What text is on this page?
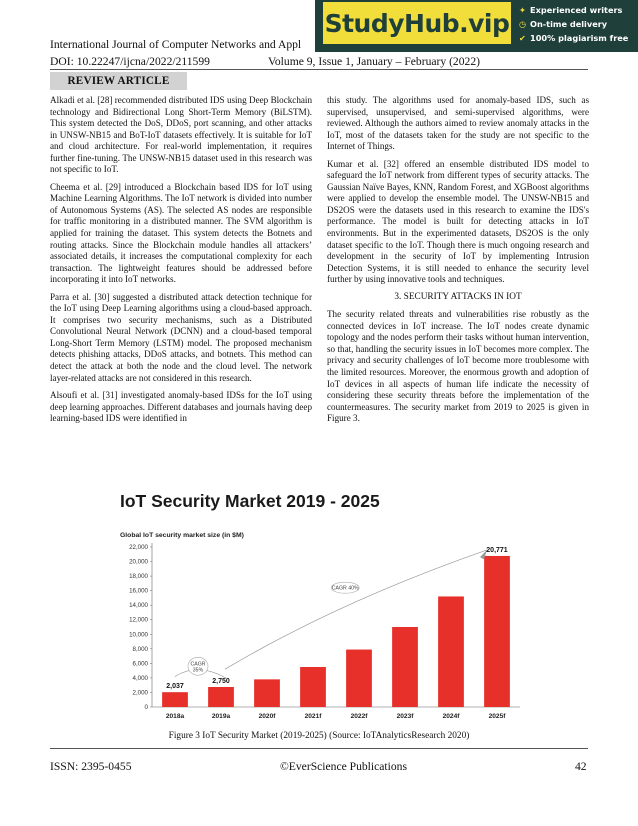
International Journal of Computer Networks and Appl
DOI: 10.22247/ijcna/2022/211599	Volume 9, Issue 1, January – February (2022)
REVIEW ARTICLE
StudyHub.vip ✦ Experienced writers
◷ On-time delivery
✔ 100% plagiarism free

Alkadi et al. [28] recommended distributed IDS using Deep Blockchain technology and Bidirectional Long Short-Term Memory (BiLSTM). This system detected the DoS, DDoS, port scanning, and other attacks in UNSW-NB15 and BoT-IoT datasets effectively. It is suitable for IoT and cloud architecture. For real-world implementation, it requires further fine-tuning. The UNSW-NB15 dataset used in this research was not specific to IoT.

Cheema et al. [29] introduced a Blockchain based IDS for IoT using Machine Learning Algorithms. The IoT network is divided into number of Autonomous Systems (AS). The selected AS nodes are responsible for traffic monitoring in a distributed manner. The SVM algorithm is applied for training the dataset. This system detects the Botnets and routing attacks. Since the Blockchain module handles all attackers’ associated details, it increases the computational complexity for each transaction. The lightweight features should be addressed before incorporating it into IoT networks.

Parra et al. [30] suggested a distributed attack detection technique for the IoT using Deep Learning algorithms using a cloud-based approach. It comprises two security mechanisms, such as a Distributed Convolutional Neural Network (DCNN) and a cloud-based temporal Long-Short Term Memory (LSTM) model. The proposed mechanism detects phishing attacks, DDoS attacks, and botnets. This method can detect the attack at both the node and the cloud level. The network layer-related attacks are not considered in this research.

Alsoufi et al. [31] investigated anomaly-based IDSs for the IoT using deep learning approaches. Different databases and journals having deep learning-based IDS were identified in

this study. The algorithms used for anomaly-based IDS, such as supervised, unsupervised, and semi-supervised algorithms, were reviewed. Although the authors aimed to review anomaly attacks in the IoT, most of the datasets taken for the study are not specific to the Internet of Things.

Kumar et al. [32] offered an ensemble distributed IDS model to safeguard the IoT network from different types of security attacks. The Gaussian Naïve Bayes, KNN, Random Forest, and XGBoost algorithms were applied to develop the ensemble model. The UNSW-NB15 and DS2OS were the datasets used in this research to examine the IDS's performance. The model is built for detecting attacks in IoT environments. But in the experimented datasets, DS2OS is the only dataset specific to the IoT. Though there is much ongoing research and development in the security of IoT by implementing Intrusion Detection Systems, it is still needed to enhance the security level further by using innovative tools and techniques.

3. SECURITY ATTACKS IN IOT

The security related threats and vulnerabilities rise robustly as the connected devices in IoT increase. The IoT nodes create dynamic topology and the nodes perform their tasks without human intervention, so that, handling the security issues in IoT becomes more complex. The privacy and security challenges of IoT become more troublesome with the limited resources. Moreover, the enormous growth and adoption of IoT devices in all aspects of human life indicate the necessity of considering these security threats before the implementation of the countermeasures. The security market from 2019 to 2025 is given in Figure 3.

IoT Security Market 2019 - 2025
Global IoT security market size (in $M)
0
2,000
4,000
6,000
8,000
10,000
12,000
14,000
16,000
18,000
20,000
22,000
2018a
2,037
2019a
2,750
2020f	2021f	2022f	2023f	2024f	2025f
20,771
CAGR 35%
CAGR 40%
Figure 3 IoT Security Market (2019-2025) (Source: IoTAnalyticsResearch 2020)
ISSN: 2395-0455	©EverScience Publications	42
